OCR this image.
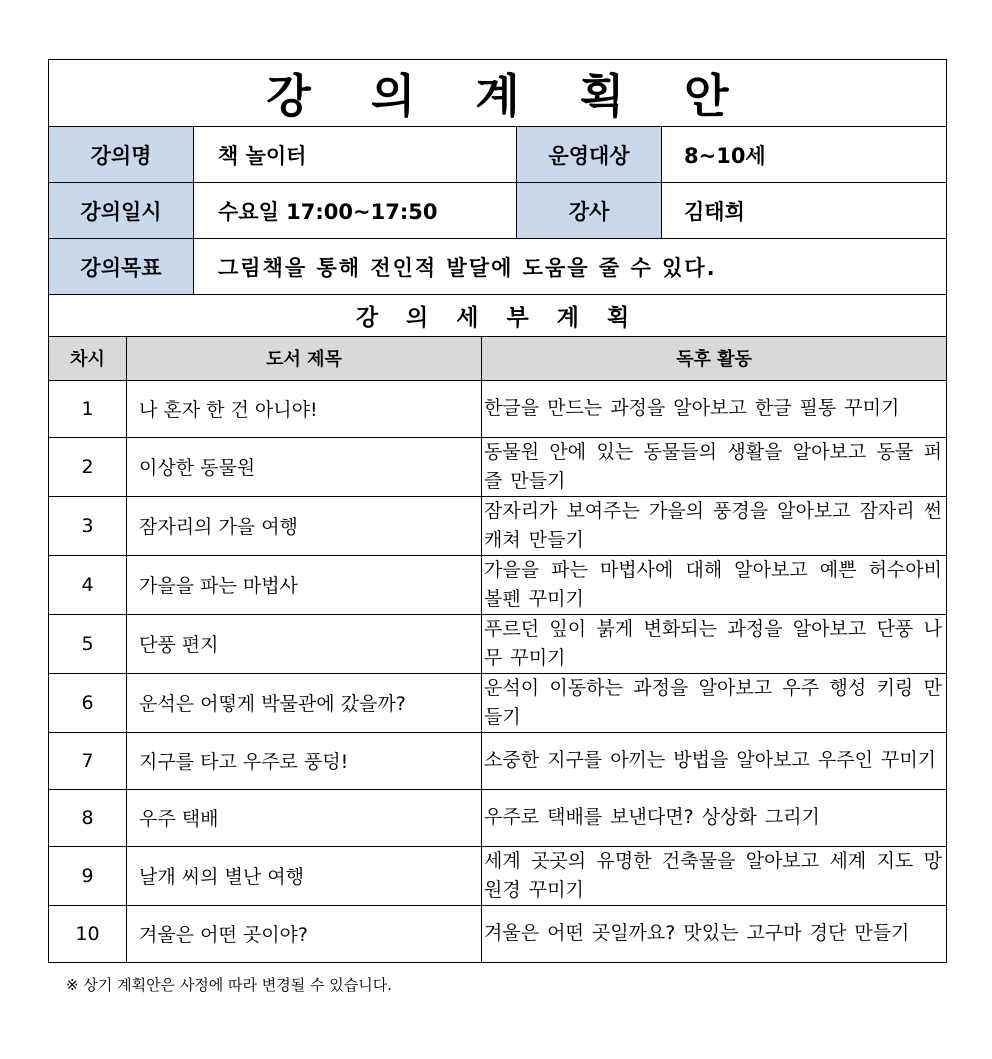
강 의 계 획 안			
강의명	책 놀이터	운영대상	8~10세
강의일시	수요일 17:00~17:50	강사	김태희
강의목표	그림책을 통해 전인적 발달에 도움을 줄 수 있다.		
강 의 세 부 계 획			
차시	도서 제목	독후 활동
1	나 혼자 한 건 아니야!	한글을 만드는 과정을 알아보고 한글 필통 꾸미기
2	이상한 동물원	동물원 안에 있는 동물들의 생활을 알아보고 동물 퍼즐 만들기
3	잠자리의 가을 여행	잠자리가 보여주는 가을의 풍경을 알아보고 잠자리 썬캐쳐 만들기
4	가을을 파는 마법사	가을을 파는 마법사에 대해 알아보고 예쁜 허수아비 볼펜 꾸미기
5	단풍 편지	푸르던 잎이 붉게 변화되는 과정을 알아보고 단풍 나무 꾸미기
6	운석은 어떻게 박물관에 갔을까?	운석이 이동하는 과정을 알아보고 우주 행성 키링 만들기
7	지구를 타고 우주로 풍덩!	소중한 지구를 아끼는 방법을 알아보고 우주인 꾸미기
8	우주 택배	우주로 택배를 보낸다면? 상상화 그리기
9	날개 씨의 별난 여행	세계 곳곳의 유명한 건축물을 알아보고 세계 지도 망원경 꾸미기
10	겨울은 어떤 곳이야?	겨울은 어떤 곳일까요? 맛있는 고구마 경단 만들기
※ 상기 계획안은 사정에 따라 변경될 수 있습니다.
